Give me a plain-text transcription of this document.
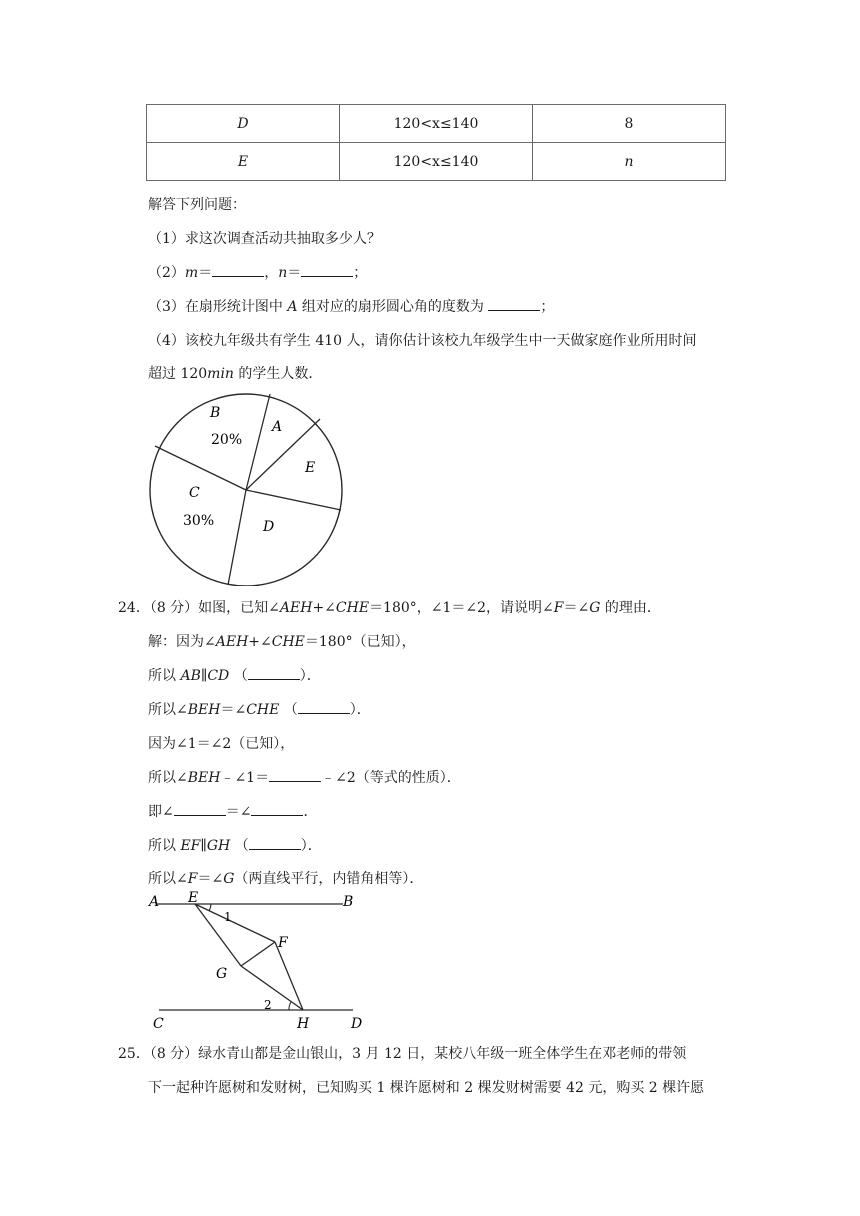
D	120<x≤140	8
E	120<x≤140	n
解答下列问题：
（1）求这次调查活动共抽取多少人？
（2）m＝	，n＝	；
（3）在扇形统计图中 A 组对应的扇形圆心角的度数为	；
（4）该校九年级共有学生 410 人，请你估计该校九年级学生中一天做家庭作业所用时间
超过 120min 的学生人数．
B
20%
A
E
C
30%	D
24．（8 分）如图，已知∠AEH+∠CHE＝180°，∠1＝∠2，请说明∠F＝∠G 的理由．
解：因为∠AEH+∠CHE＝180°（已知），
所以 AB∥CD （	）．
所以∠BEH＝∠CHE （	）．
因为∠1＝∠2（已知），
所以∠BEH﹣∠1＝	﹣∠2（等式的性质）．
即∠	＝∠	．
所以 EF∥GH （	）．
所以∠F＝∠G（两直线平行，内错角相等）．
A E	B
1
F
G
2
C	H	D
25．（8 分）绿水青山都是金山银山，3 月 12 日，某校八年级一班全体学生在邓老师的带领
下一起种许愿树和发财树，已知购买 1 棵许愿树和 2 棵发财树需要 42 元，购买 2 棵许愿
